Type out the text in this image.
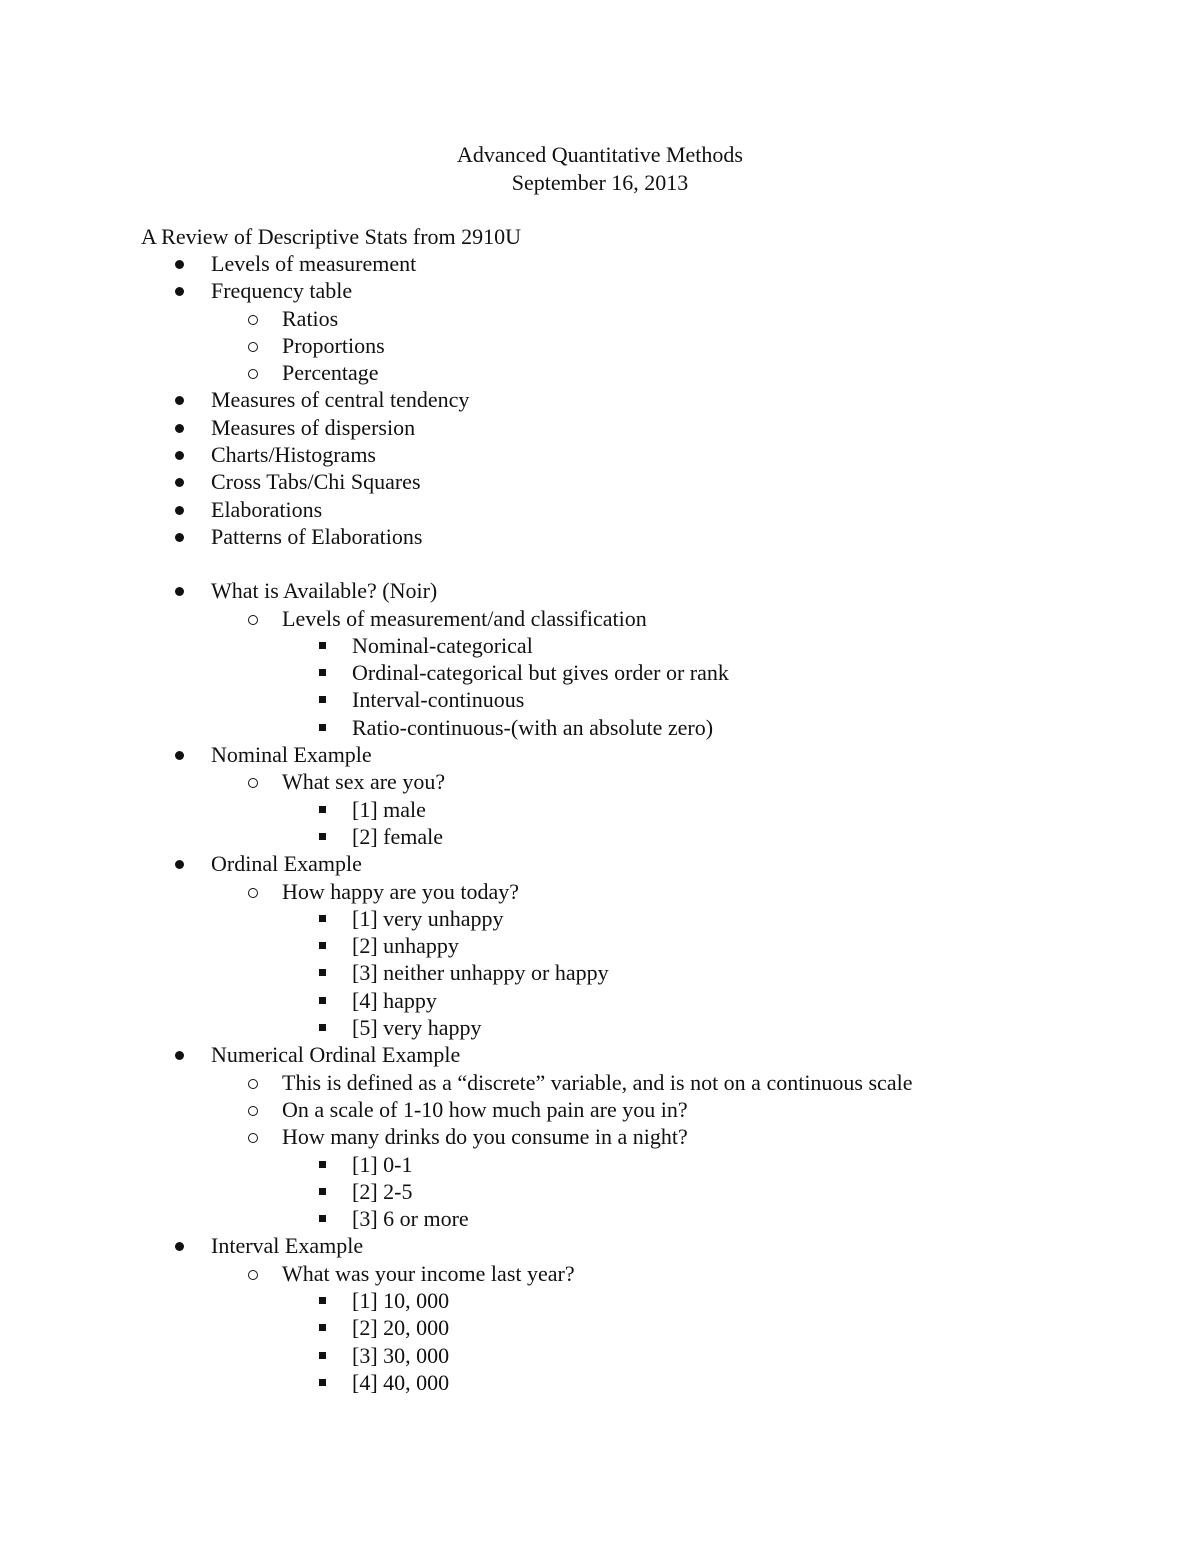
Advanced Quantitative Methods
September 16, 2013
A Review of Descriptive Stats from 2910U
Levels of measurement
Frequency table
Ratios
Proportions
Percentage
Measures of central tendency
Measures of dispersion
Charts/Histograms
Cross Tabs/Chi Squares
Elaborations
Patterns of Elaborations
What is Available? (Noir)
Levels of measurement/and classification
Nominal-categorical
Ordinal-categorical but gives order or rank
Interval-continuous
Ratio-continuous-(with an absolute zero)
Nominal Example
What sex are you?
[1] male
[2] female
Ordinal Example
How happy are you today?
[1] very unhappy
[2] unhappy
[3] neither unhappy or happy
[4] happy
[5] very happy
Numerical Ordinal Example
This is defined as a “discrete” variable, and is not on a continuous scale
On a scale of 1-10 how much pain are you in?
How many drinks do you consume in a night?
[1] 0-1
[2] 2-5
[3] 6 or more
Interval Example
What was your income last year?
[1] 10, 000
[2] 20, 000
[3] 30, 000
[4] 40, 000
